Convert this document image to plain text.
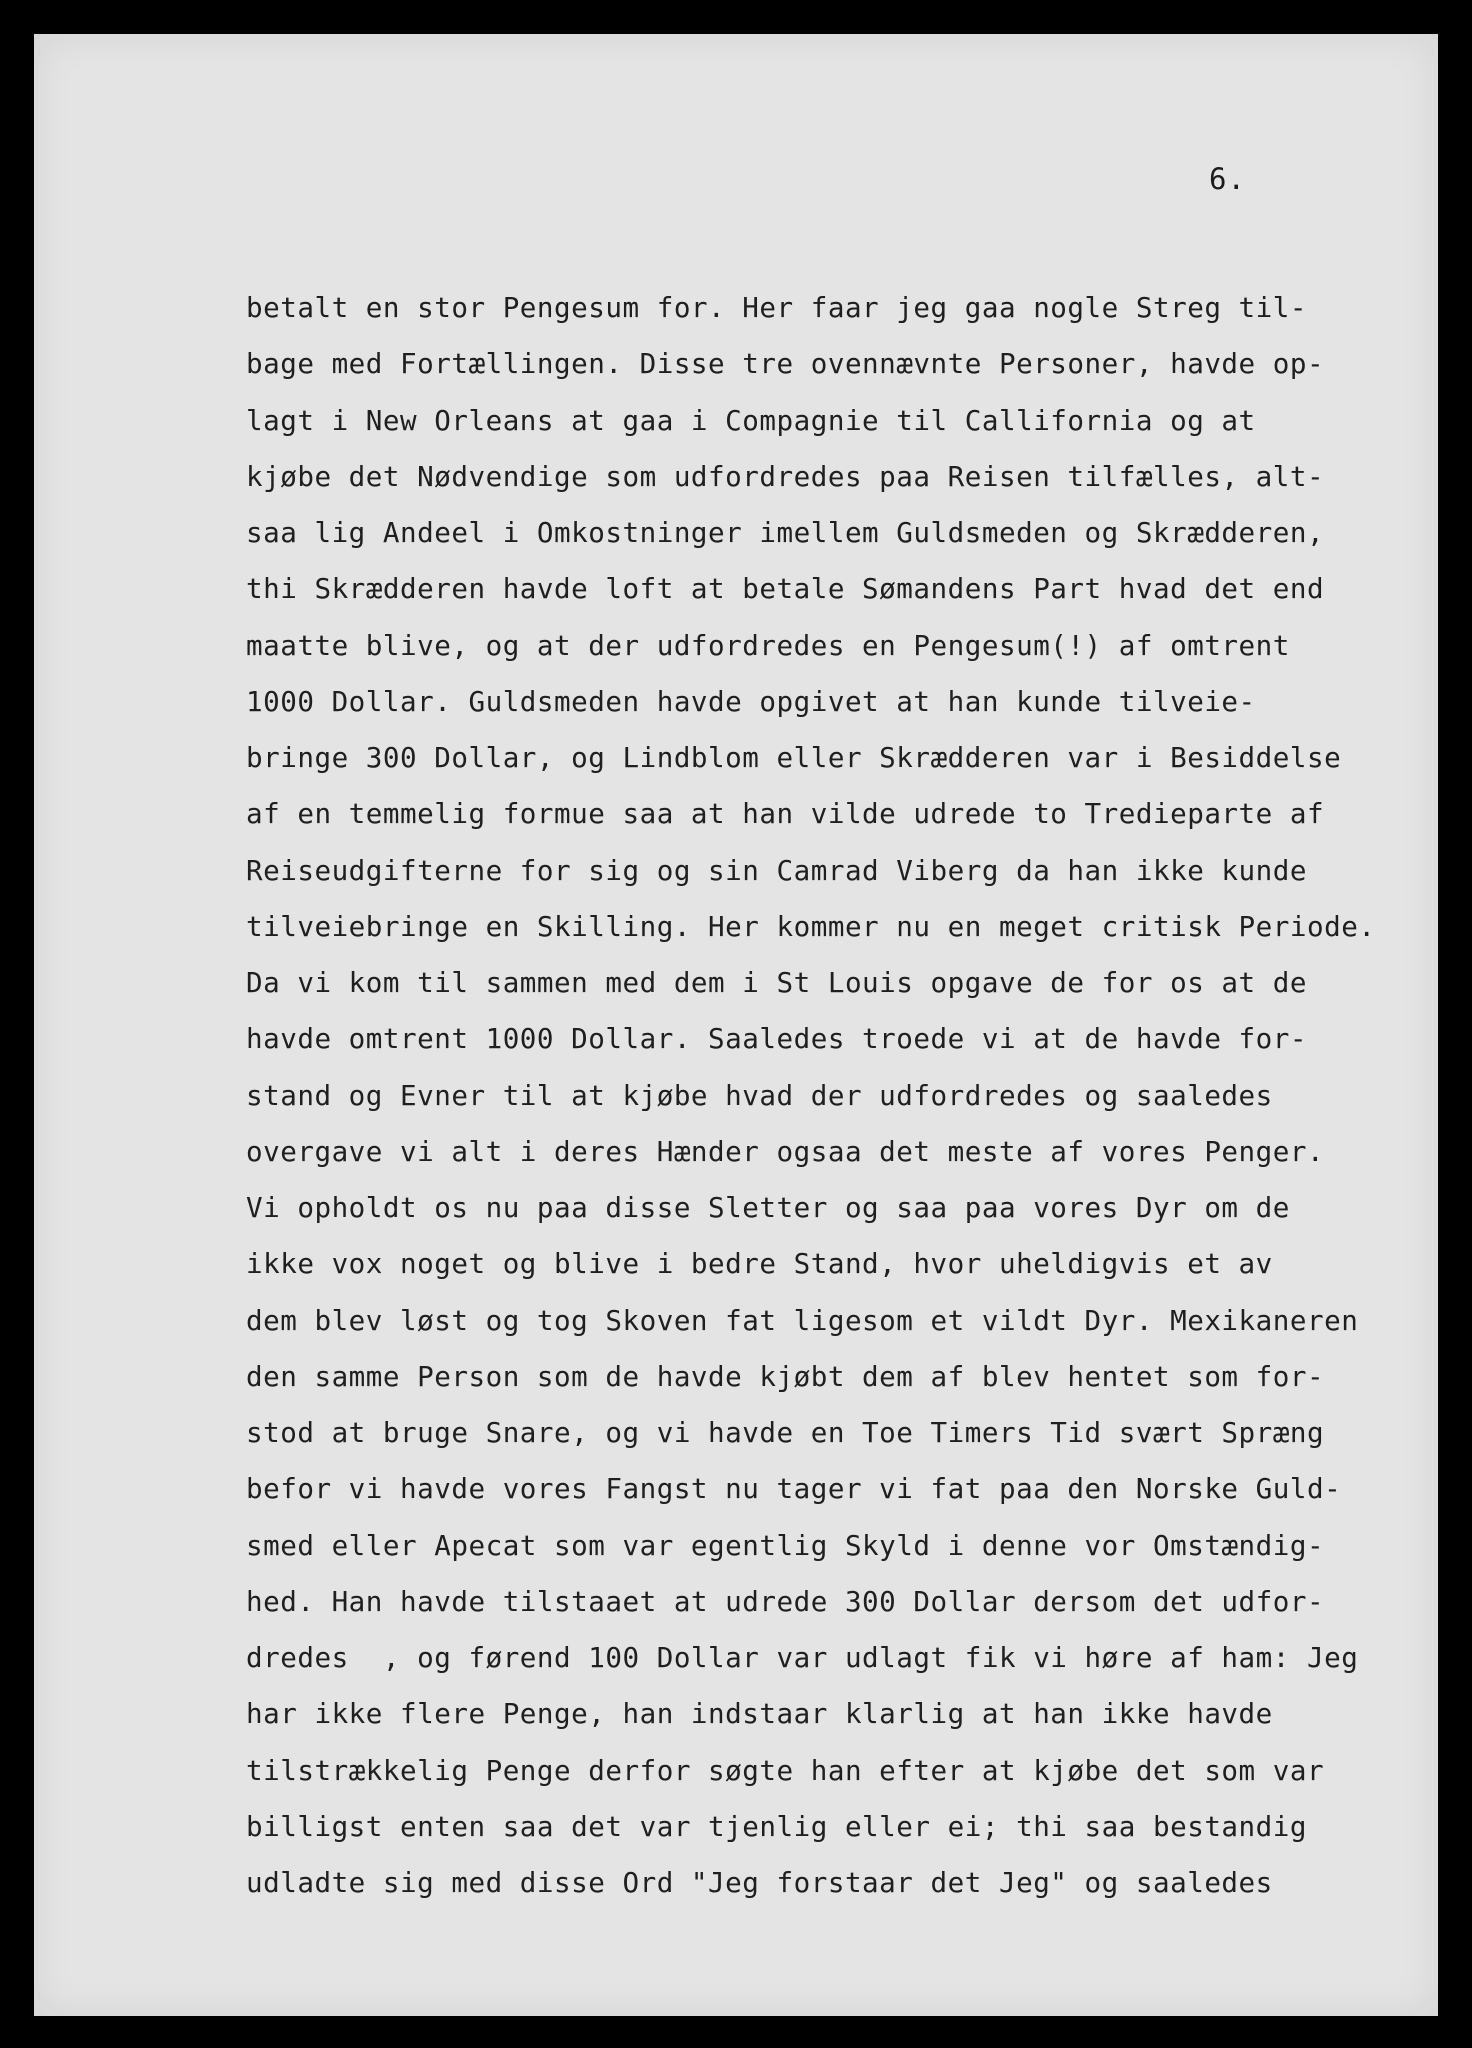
6.
betalt en stor Pengesum for. Her faar jeg gaa nogle Streg til-
bage med Fortællingen. Disse tre ovennævnte Personer, havde op-
lagt i New Orleans at gaa i Compagnie til Callifornia og at
kjøbe det Nødvendige som udfordredes paa Reisen tilfælles, alt-
saa lig Andeel i Omkostninger imellem Guldsmeden og Skrædderen,
thi Skrædderen havde loft at betale Sømandens Part hvad det end
maatte blive, og at der udfordredes en Pengesum(!) af omtrent
1000 Dollar. Guldsmeden havde opgivet at han kunde tilveie-
bringe 300 Dollar, og Lindblom eller Skrædderen var i Besiddelse
af en temmelig formue saa at han vilde udrede to Tredieparte af
Reiseudgifterne for sig og sin Camrad Viberg da han ikke kunde
tilveiebringe en Skilling. Her kommer nu en meget critisk Periode.
Da vi kom til sammen med dem i St Louis opgave de for os at de
havde omtrent 1000 Dollar. Saaledes troede vi at de havde for-
stand og Evner til at kjøbe hvad der udfordredes og saaledes
overgave vi alt i deres Hænder ogsaa det meste af vores Penger.
Vi opholdt os nu paa disse Sletter og saa paa vores Dyr om de
ikke vox noget og blive i bedre Stand, hvor uheldigvis et av
dem blev løst og tog Skoven fat ligesom et vildt Dyr. Mexikaneren
den samme Person som de havde kjøbt dem af blev hentet som for-
stod at bruge Snare, og vi havde en Toe Timers Tid svært Spræng
befor vi havde vores Fangst nu tager vi fat paa den Norske Guld-
smed eller Apecat som var egentlig Skyld i denne vor Omstændig-
hed. Han havde tilstaaet at udrede 300 Dollar dersom det udfor-
dredes  , og førend 100 Dollar var udlagt fik vi høre af ham: Jeg
har ikke flere Penge, han indstaar klarlig at han ikke havde
tilstrækkelig Penge derfor søgte han efter at kjøbe det som var
billigst enten saa det var tjenlig eller ei; thi saa bestandig
udladte sig med disse Ord "Jeg forstaar det Jeg" og saaledes
